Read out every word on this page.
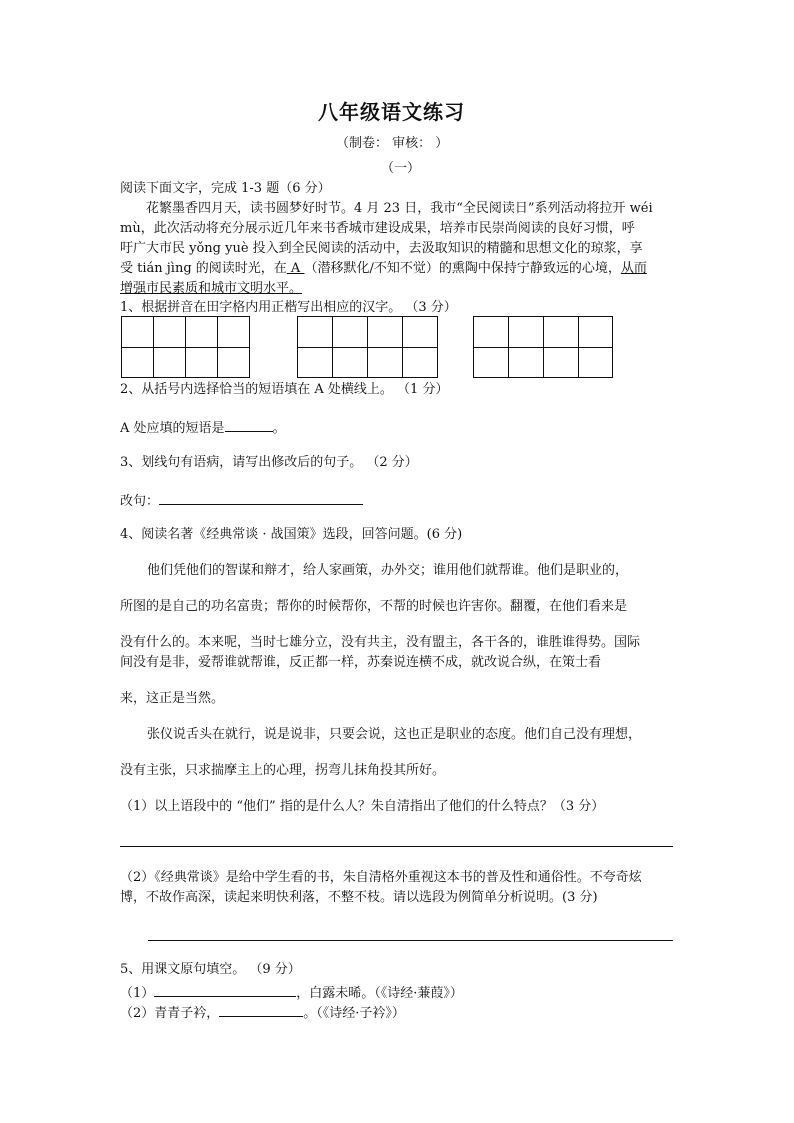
八年级语文练习
（制卷： 审核： ）
（一）
阅读下面文字，完成 1-3 题（6 分）
花繁墨香四月天，读书圆梦好时节。4 月 23 日，我市“全民阅读日”系列活动将拉开 wéi
mù，此次活动将充分展示近几年来书香城市建设成果，培养市民崇尚阅读的良好习惯，呼
吁广大市民 yǒng yuè 投入到全民阅读的活动中，去汲取知识的精髓和思想文化的琼浆，享
受 tián jìng 的阅读时光，在 A （潜移默化/不知不觉）的熏陶中保持宁静致远的心境，从而
增强市民素质和城市文明水平。
1、根据拼音在田字格内用正楷写出相应的汉字。 （3 分）
2、从括号内选择恰当的短语填在 A 处横线上。 （1 分）
A 处应填的短语是	。
3、划线句有语病，请写出修改后的句子。 （2 分）
改句：
4、阅读名著《经典常谈 · 战国策》选段，回答问题。(6 分)
他们凭他们的智谋和辩才，给人家画策，办外交；谁用他们就帮谁。他们是职业的，
所图的是自己的功名富贵；帮你的时候帮你，不帮的时候也许害你。翻覆，在他们看来是
没有什么的。本来呢，当时七雄分立，没有共主，没有盟主，各干各的，谁胜谁得势。国际
间没有是非，爱帮谁就帮谁，反正都一样，苏秦说连横不成，就改说合纵，在策士看
来，这正是当然。
张仪说舌头在就行，说是说非，只要会说，这也正是职业的态度。他们自己没有理想，
没有主张，只求揣摩主上的心理，拐弯儿抹角投其所好。
（1）以上语段中的 “他们” 指的是什么人？朱自清指出了他们的什么特点？（3 分）
（2）《经典常谈》是给中学生看的书，朱自清格外重视这本书的普及性和通俗性。不夸奇炫
博，不故作高深，读起来明快利落，不整不枝。请以选段为例简单分析说明。(3 分)
5、用课文原句填空。 （9 分）
（1）	，白露未晞。（《诗经·蒹葭》）
（2）青青子衿，	。（《诗经·子衿》）
